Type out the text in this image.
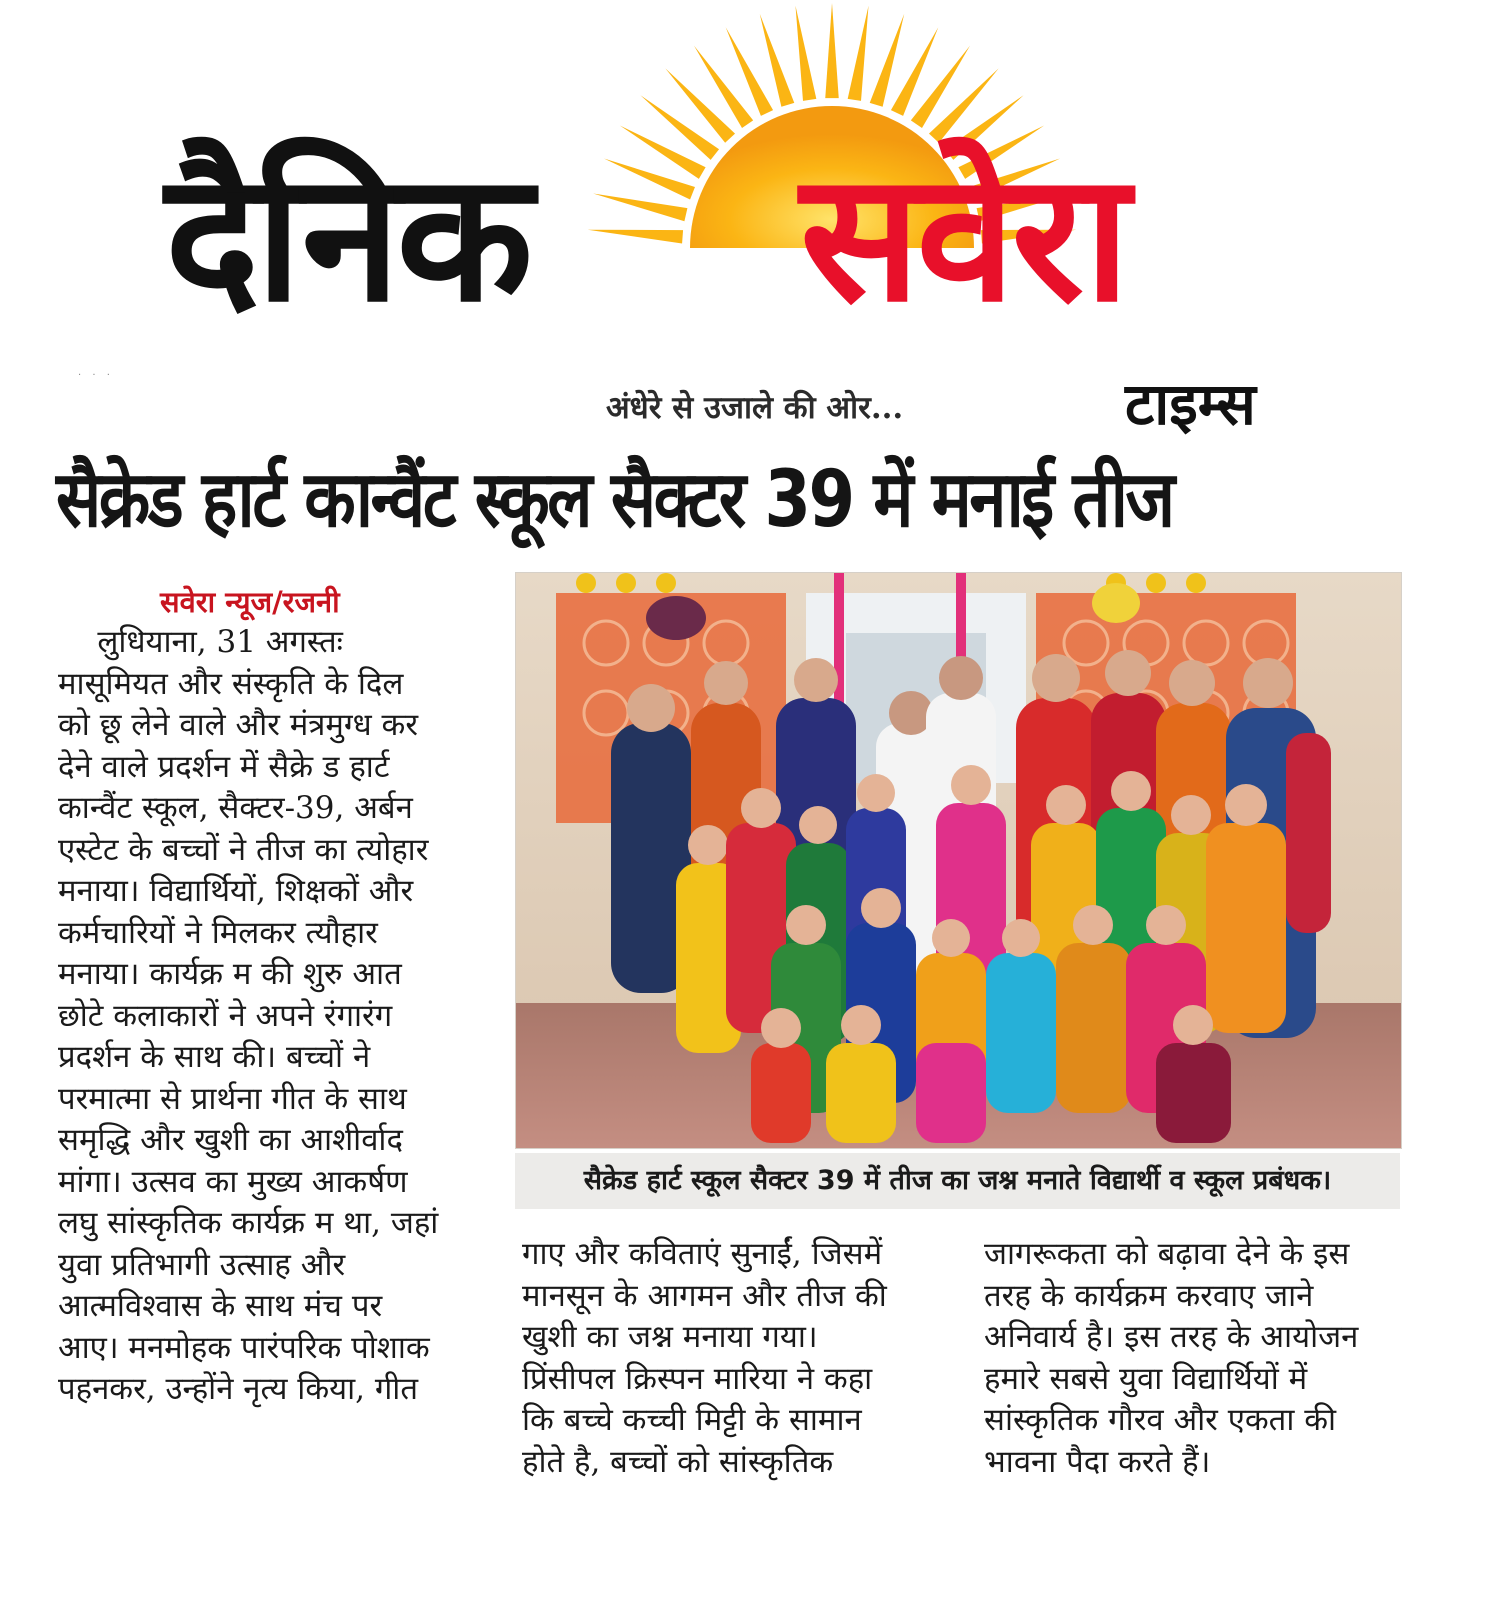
दैनिक सवेरा
· · ·
अंधेरे से उजाले की ओर...	टाइम्स
सैक्रेड हार्ट कान्वैंट स्कूल सैक्टर 39 में मनाई तीज
सवेरा न्यूज/रजनी

लुधियाना, 31 अगस्तः

मासूमियत और संस्कृति के दिल

को छू लेने वाले और मंत्रमुग्ध कर

देने वाले प्रदर्शन में सैक्रे ड हार्ट

कान्वैंट स्कूल, सैक्टर-39, अर्बन

एस्टेट के बच्चों ने तीज का त्योहार

मनाया। विद्यार्थियों, शिक्षकों और

कर्मचारियों ने मिलकर त्यौहार

मनाया। कार्यक्र म की शुरु आत

छोटे कलाकारों ने अपने रंगारंग

प्रदर्शन के साथ की। बच्चों ने

परमात्मा से प्रार्थना गीत के साथ

समृद्धि और खुशी का आशीर्वाद

मांगा। उत्सव का मुख्य आकर्षण

लघु सांस्कृतिक कार्यक्र म था, जहां

युवा प्रतिभागी उत्साह और

आत्मविश्वास के साथ मंच पर

आए। मनमोहक पारंपरिक पोशाक

पहनकर, उन्होंने नृत्य किया, गीत

सैक्रेड हार्ट स्कूल सैक्टर 39 में तीज का जश्न मनाते विद्यार्थी व स्कूल प्रबंधक।

गाए और कविताएं सुनाईं, जिसमें

मानसून के आगमन और तीज की

खुशी का जश्न मनाया गया।

प्रिंसीपल क्रिस्पन मारिया ने कहा

कि बच्चे कच्ची मिट्टी के सामान

होते है, बच्चों को सांस्कृतिक

जागरूकता को बढ़ावा देने के इस

तरह के कार्यक्रम करवाए जाने

अनिवार्य है। इस तरह के आयोजन

हमारे सबसे युवा विद्यार्थियों में

सांस्कृतिक गौरव और एकता की

भावना पैदा करते हैं।
